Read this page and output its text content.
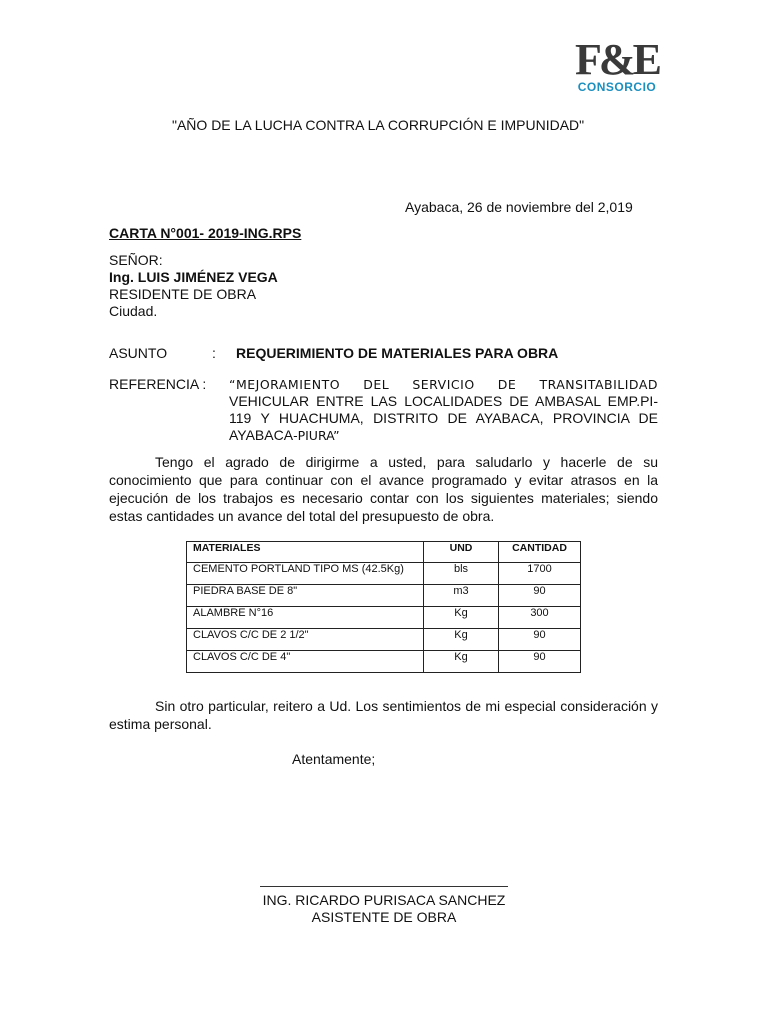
F&E
CONSORCIO
"AÑO DE LA LUCHA CONTRA LA CORRUPCIÓN E IMPUNIDAD"
Ayabaca, 26 de noviembre del 2,019
CARTA N°001- 2019-ING.RPS
SEÑOR:
Ing. LUIS JIMÉNEZ VEGA
RESIDENTE DE OBRA
Ciudad.
ASUNTO	: REQUERIMIENTO DE MATERIALES PARA OBRA
REFERENCIA : “MEJORAMIENTO DEL SERVICIO DE TRANSITABILIDAD
VEHICULAR ENTRE LAS LOCALIDADES DE AMBASAL EMP.PI-
119 Y HUACHUMA, DISTRITO DE AYABACA, PROVINCIA DE
AYABACA-PIURA”
Tengo el agrado de dirigirme a usted, para saludarlo y hacerle de su conocimiento que para continuar con el avance programado y evitar atrasos en la ejecución de los trabajos es necesario contar con los siguientes materiales; siendo estas cantidades un avance del total del presupuesto de obra.
MATERIALES	UND	CANTIDAD
CEMENTO PORTLAND TIPO MS (42.5Kg)	bls	1700
PIEDRA BASE DE 8"	m3	90
ALAMBRE N°16	Kg	300
CLAVOS C/C DE 2 1/2"	Kg	90
CLAVOS C/C DE 4"	Kg	90
Sin otro particular, reitero a Ud. Los sentimientos de mi especial consideración y estima personal.
Atentamente;
ING. RICARDO PURISACA SANCHEZ
ASISTENTE DE OBRA
